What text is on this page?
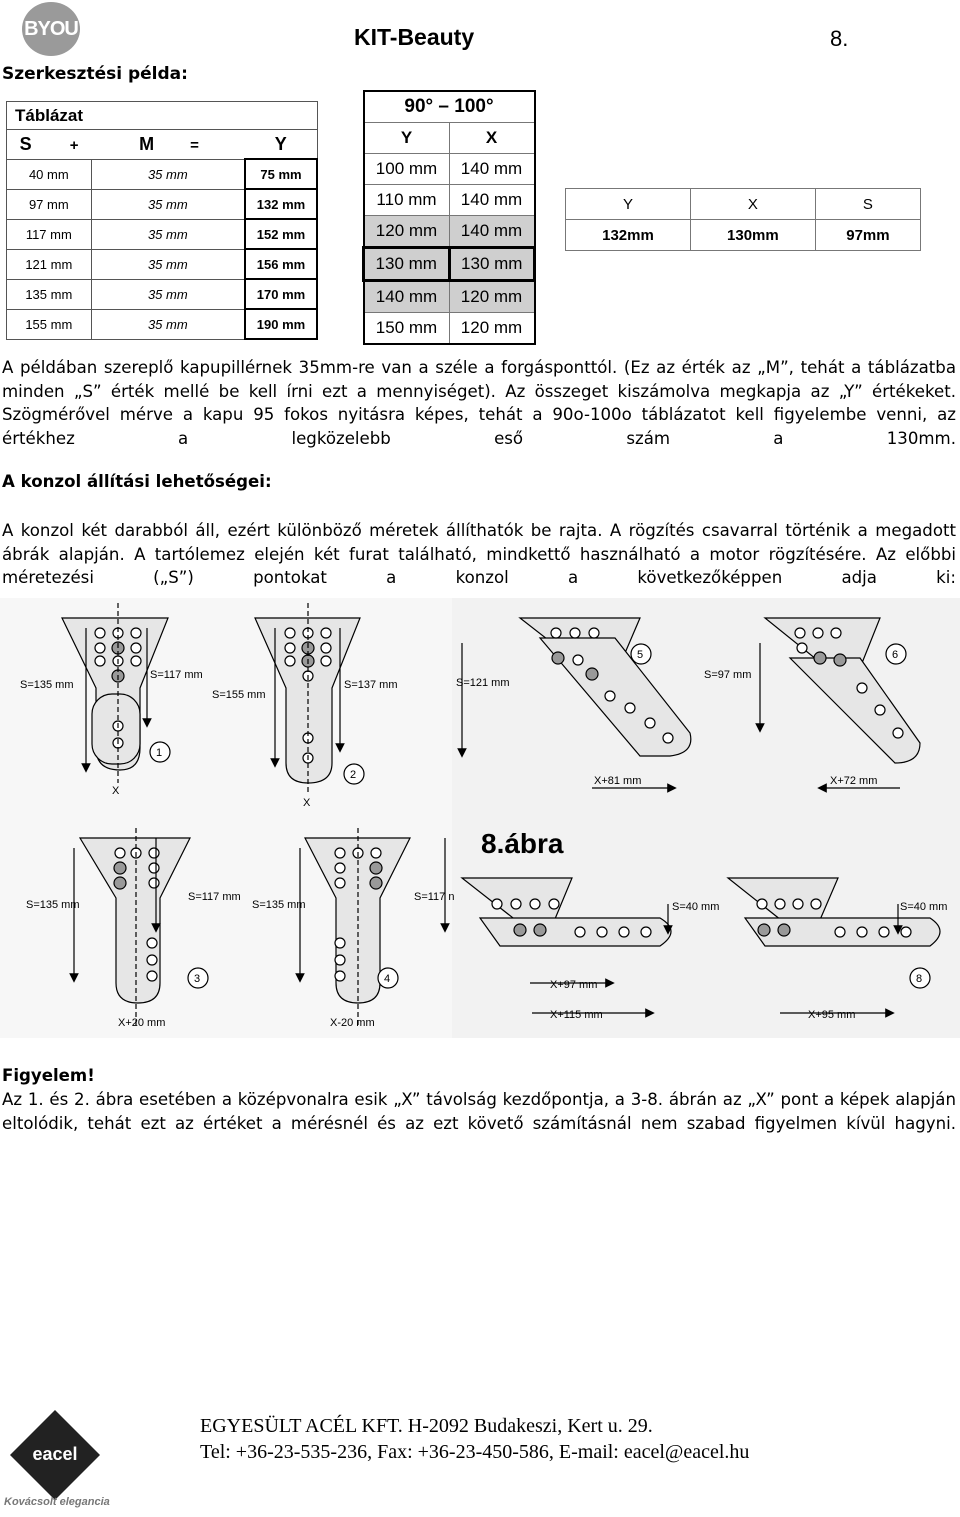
BYOU	KIT-Beauty	8.
Szerkesztési példa:
Táblázat		
S +	M =	Y
40 mm	35 mm	75 mm
97 mm	35 mm	132 mm
117 mm	35 mm	152 mm
121 mm	35 mm	156 mm
135 mm	35 mm	170 mm
155 mm	35 mm	190 mm
90° – 100°	
Y	X
100 mm	140 mm
110 mm	140 mm
120 mm	140 mm
130 mm	130 mm
140 mm	120 mm
150 mm	120 mm
Y	X	S
132mm	130mm	97mm
A példában szereplő kapupillérnek 35mm-re van a széle a forgásponttól. (Ez az érték az „M”, tehát a táblázatba minden „S” érték mellé be kell írni ezt a mennyiséget). Az összeget kiszámolva megkapja az „Y” értékeket. Szögmérővel mérve a kapu 95 fokos nyitásra képes, tehát a 90o-100o táblázatot kell figyelembe venni, az értékhez a legközelebb eső szám a 130mm.
A konzol állítási lehetőségei:
A konzol két darabból áll, ezért különböző méretek állíthatók be rajta. A rögzítés csavarral történik a megadott ábrák alapján. A tartólemez elején két furat található, mindkettő használható a motor rögzítésére. Az előbbi méretezési („S”) pontokat a konzol a következőképpen adja ki:
S=135 mm
S=117 mm
1
X
S=155 mm
S=137 mm
2
X
S=121 mm
5
X+81 mm
S=97 mm
6
X+72 mm
S=135 mm
S=117 mm
3
X+20 mm
S=135 mm
S=117 n
4
X-20 mm
S=40 mm
X+97 mm
X+115 mm
S=40 mm
8
X+95 mm
8.ábra
Figyelem!
Az 1. és 2. ábra esetében a középvonalra esik „X” távolság kezdőpontja, a 3-8. ábrán az „X” pont a képek alapján eltolódik, tehát ezt az értéket a mérésnél és az ezt követő számításnál nem szabad figyelmen kívül hagyni.
eacel
Kovácsolt elegancia
EGYESÜLT ACÉL KFT. H-2092 Budakeszi, Kert u. 29.
Tel: +36-23-535-236, Fax: +36-23-450-586, E-mail: eacel@eacel.hu
